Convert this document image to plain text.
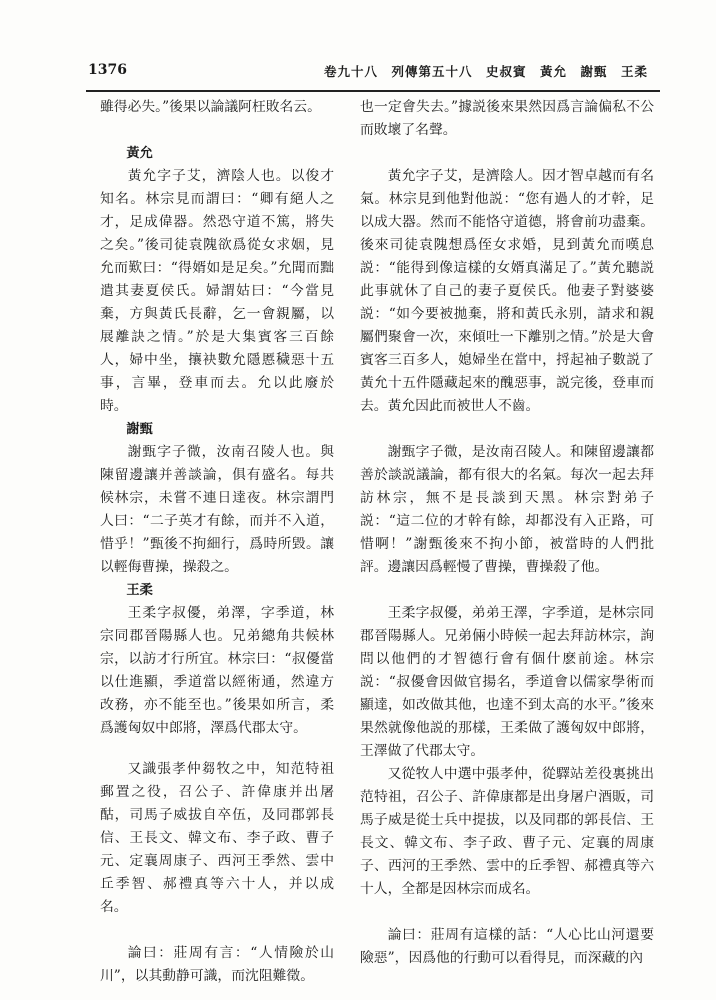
1376	卷九十八　列傳第五十八　史叔賓　黃允　謝甄　王柔

雖得必失。”後果以論議阿枉敗名云。

黃允

黃允字子艾，濟陰人也。以俊才知名。林宗見而謂曰：“卿有絕人之才，足成偉器。然恐守道不篤，將失之矣。”後司徒袁隗欲爲從女求姻，見允而歎曰：“得婿如是足矣。”允聞而黜遣其妻夏侯氏。婦謂姑曰：“今當見棄，方與黃氏長辭，乞一會親屬，以展離訣之情。”於是大集賓客三百餘人，婦中坐，攘袂數允隱慝穢惡十五事，言畢，登車而去。允以此廢於時。

謝甄

謝甄字子微，汝南召陵人也。與陳留邊讓并善談論，俱有盛名。每共候林宗，未嘗不連日達夜。林宗謂門人曰：“二子英才有餘，而并不入道，惜乎！”甄後不拘細行，爲時所毀。讓以輕侮曹操，操殺之。

王柔

王柔字叔優，弟澤，字季道，林宗同郡晉陽縣人也。兄弟總角共候林宗，以訪才行所宜。林宗曰：“叔優當以仕進顯，季道當以經術通，然違方改務，亦不能至也。”後果如所言，柔爲護匈奴中郎將，澤爲代郡太守。

又識張孝仲芻牧之中，知范特祖郵置之役，召公子、許偉康并出屠酤，司馬子威拔自卒伍，及同郡郭長信、王長文、韓文布、李子政、曹子元、定襄周康子、西河王季然、雲中丘季智、郝禮真等六十人，并以成名。

論曰：莊周有言：“人情險於山川”，以其動静可識，而沈阻難徵。

也一定會失去。”據説後來果然因爲言論偏私不公而敗壞了名聲。

黃允字子艾，是濟陰人。因才智卓越而有名氣。林宗見到他對他説：“您有過人的才幹，足以成大器。然而不能恪守道德，將會前功盡棄。後來司徒袁隗想爲侄女求婚，見到黃允而嘆息説：“能得到像這樣的女婿真滿足了。”黃允聽説此事就休了自己的妻子夏侯氏。他妻子對婆婆説：“如今要被拋棄，將和黃氏永别，請求和親屬們聚會一次，來傾吐一下離别之情。”於是大會賓客三百多人，媳婦坐在當中，捋起袖子數説了黃允十五件隱藏起來的醜惡事，説完後，登車而去。黃允因此而被世人不齒。

謝甄字子微，是汝南召陵人。和陳留邊讓都善於談説議論，都有很大的名氣。每次一起去拜訪林宗，無不是長談到天黑。林宗對弟子説：“這二位的才幹有餘，却都没有入正路，可惜啊！”謝甄後來不拘小節，被當時的人們批評。邊讓因爲輕慢了曹操，曹操殺了他。

王柔字叔優，弟弟王澤，字季道，是林宗同郡晉陽縣人。兄弟倆小時候一起去拜訪林宗，詢問以他們的才智德行會有個什麽前途。林宗説：“叔優會因做官揚名，季道會以儒家學術而顯達，如改做其他，也達不到太高的水平。”後來果然就像他説的那樣，王柔做了護匈奴中郎將，王澤做了代郡太守。

又從牧人中選中張孝仲，從驛站差役裏挑出范特祖，召公子、許偉康都是出身屠户酒販，司馬子威是從士兵中提拔，以及同郡的郭長信、王長文、韓文布、李子政、曹子元、定襄的周康子、西河的王季然、雲中的丘季智、郝禮真等六十人，全都是因林宗而成名。

論曰：莊周有這樣的話：“人心比山河還要險惡”，因爲他的行動可以看得見，而深藏的內
